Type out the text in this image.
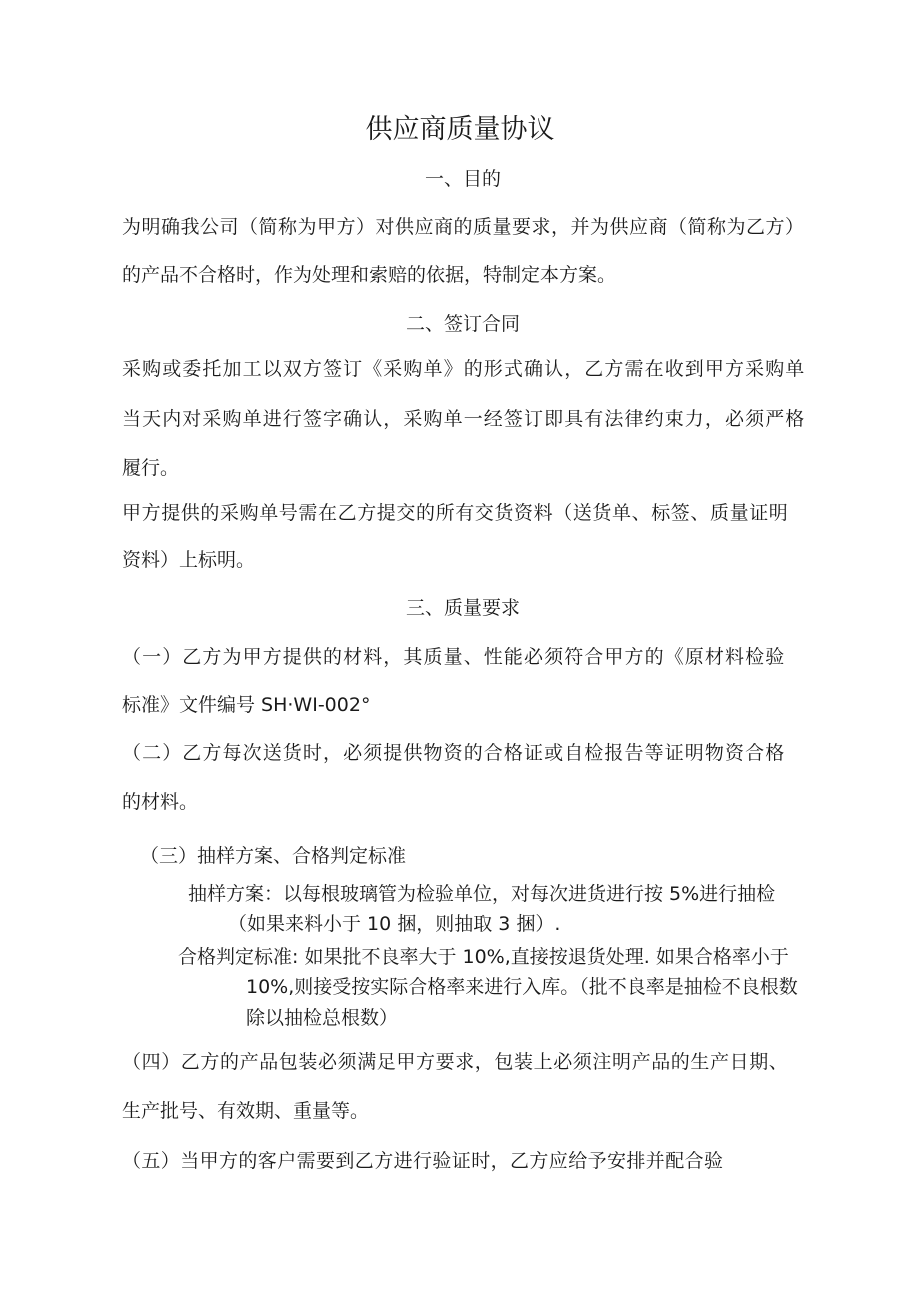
供应商质量协议
一、目的
为明确我公司（简称为甲方）对供应商的质量要求，并为供应商（简称为乙方）
的产品不合格时，作为处理和索赔的依据，特制定本方案。
二、签订合同
采购或委托加工以双方签订《采购单》的形式确认，乙方需在收到甲方采购单
当天内对采购单进行签字确认，采购单一经签订即具有法律约束力，必须严格
履行。
甲方提供的采购单号需在乙方提交的所有交货资料（送货单、标签、质量证明
资料）上标明。
三、质量要求
（一）乙方为甲方提供的材料，其质量、性能必须符合甲方的《原材料检验
标准》文件编号 SH·WI-002°
（二）乙方每次送货时，必须提供物资的合格证或自检报告等证明物资合格
的材料。
（三）抽样方案、合格判定标准
抽样方案：以每根玻璃管为检验单位，对每次进货进行按 5%进行抽检
（如果来料小于 10 捆，则抽取 3 捆）.
合格判定标准: 如果批不良率大于 10%,直接按退货处理. 如果合格率小于
10%,则接受按实际合格率来进行入库。（批不良率是抽检不良根数
除以抽检总根数）
（四）乙方的产品包装必须满足甲方要求，包装上必须注明产品的生产日期、
生产批号、有效期、重量等。
（五）当甲方的客户需要到乙方进行验证时，乙方应给予安排并配合验
